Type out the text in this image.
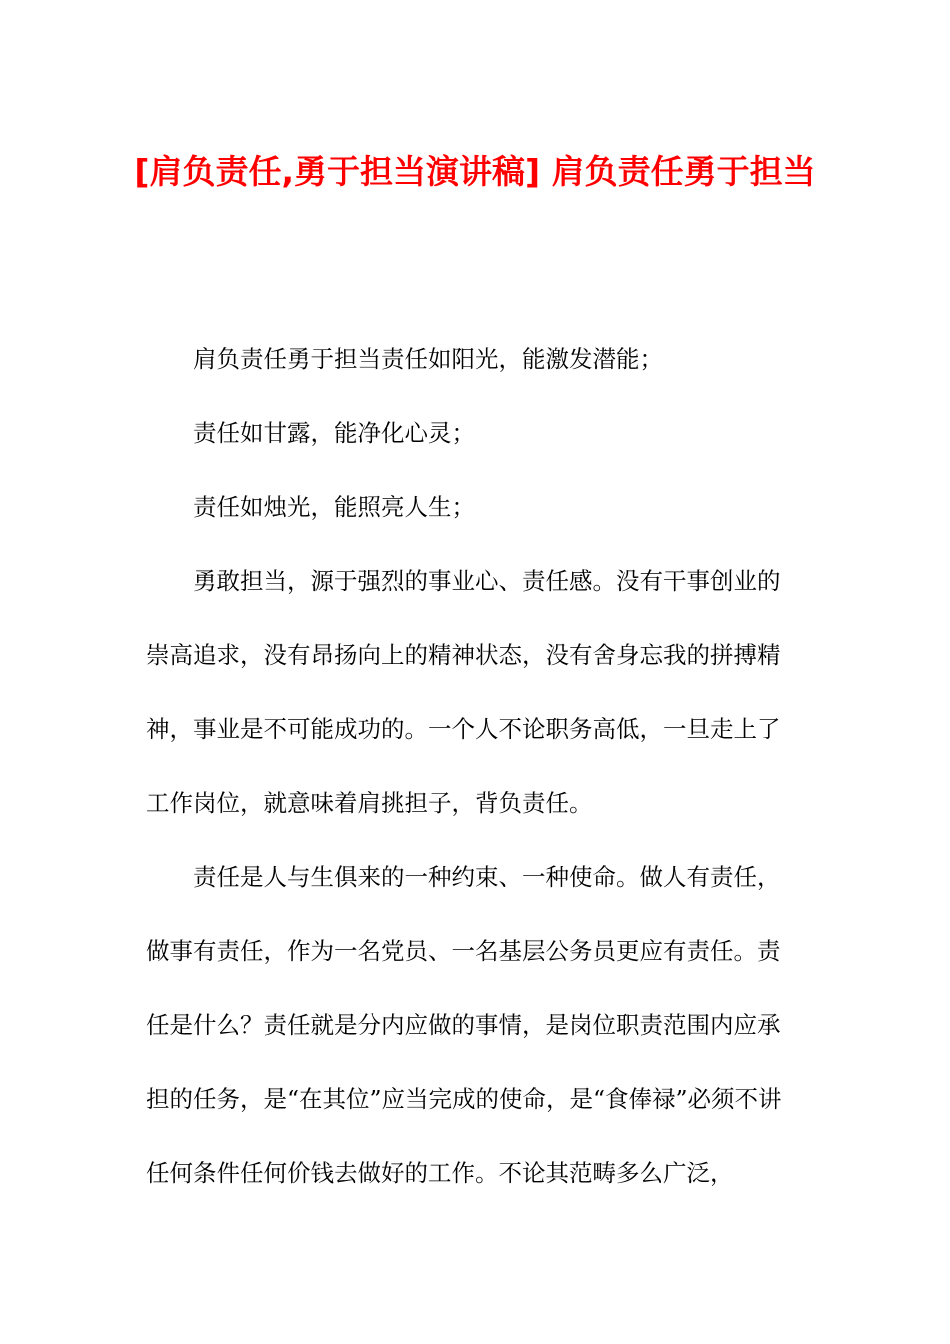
[肩负责任,勇于担当演讲稿] 肩负责任勇于担当

肩负责任勇于担当责任如阳光，能激发潜能；

责任如甘露，能净化心灵；

责任如烛光，能照亮人生；

勇敢担当，源于强烈的事业心、责任感。没有干事创业的崇高追求，没有昂扬向上的精神状态，没有舍身忘我的拼搏精神，事业是不可能成功的。一个人不论职务高低，一旦走上了工作岗位，就意味着肩挑担子，背负责任。

责任是人与生俱来的一种约束、一种使命。做人有责任，做事有责任，作为一名党员、一名基层公务员更应有责任。责任是什么？责任就是分内应做的事情，是岗位职责范围内应承担的任务，是“在其位”应当完成的使命，是“食俸禄”必须不讲任何条件任何价钱去做好的工作。不论其范畴多么广泛，
